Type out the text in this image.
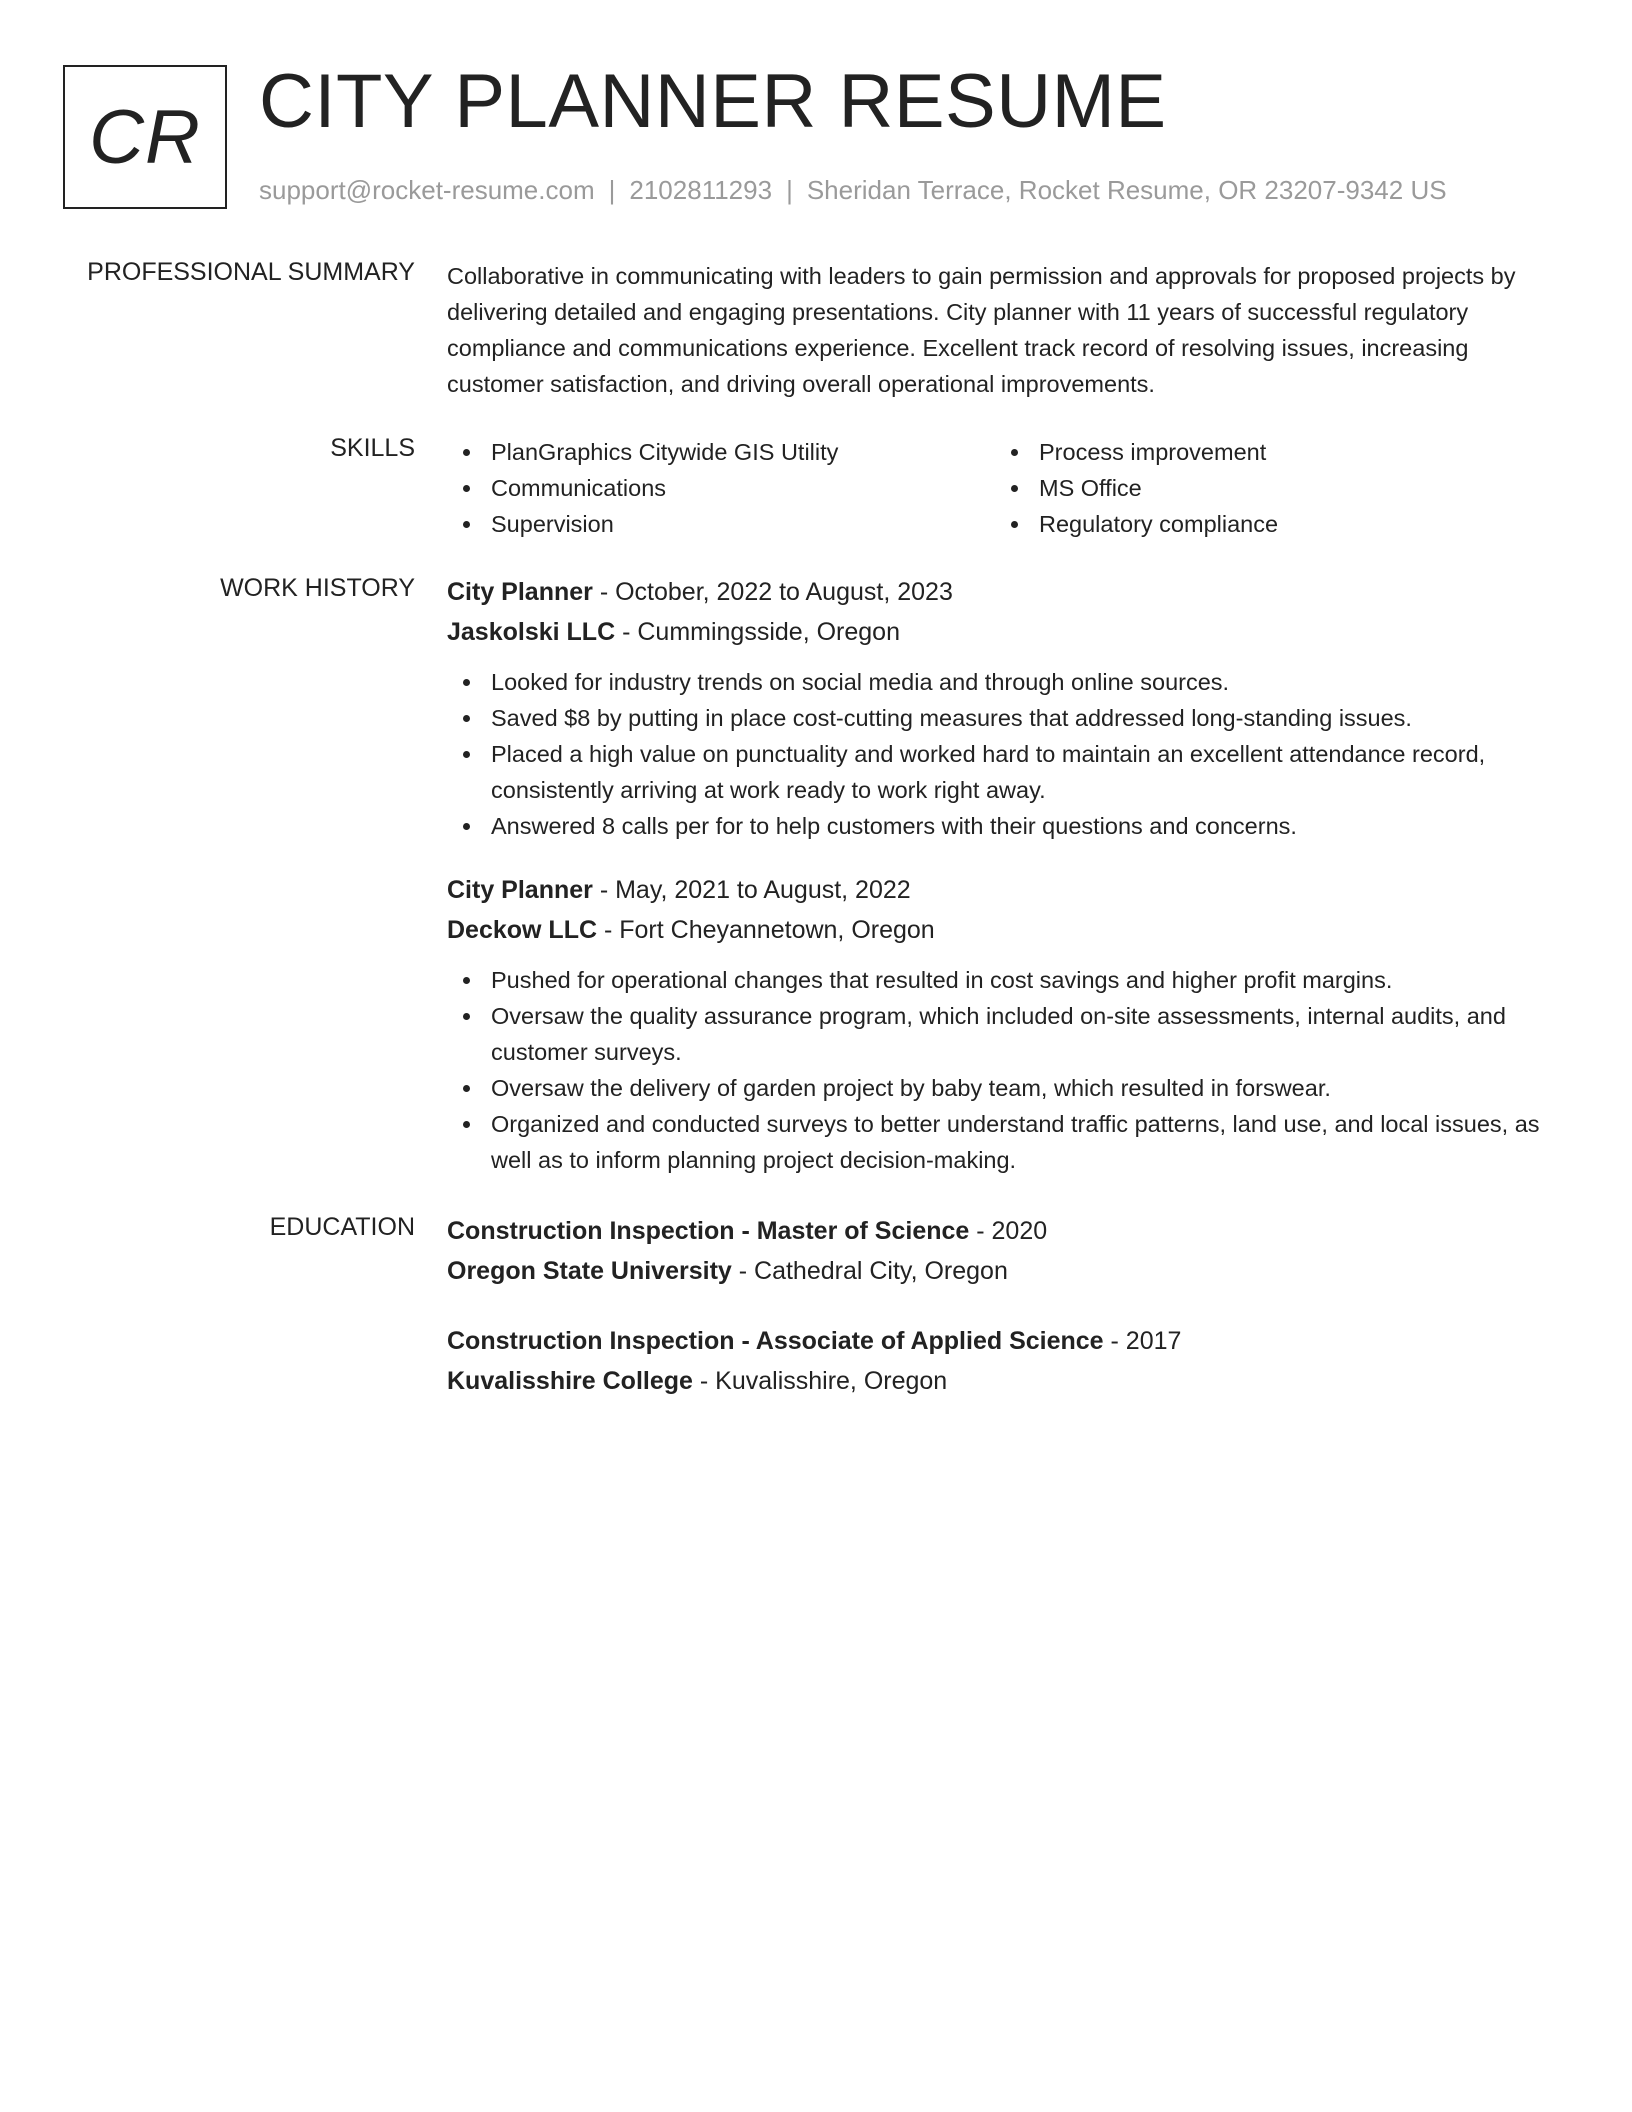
CR CITY PLANNER RESUME
support@rocket-resume.com | 2102811293 | Sheridan Terrace, Rocket Resume, OR 23207-9342 US
PROFESSIONAL SUMMARY Collaborative in communicating with leaders to gain permission and approvals for proposed projects by delivering detailed and engaging presentations. City planner with 11 years of successful regulatory compliance and communications experience. Excellent track record of resolving issues, increasing customer satisfaction, and driving overall operational improvements.
SKILLS	PlanGraphics Citywide GIS Utility
Communications
Supervision
Process improvement
MS Office
Regulatory compliance
WORK HISTORY City Planner - October, 2022 to August, 2023
Jaskolski LLC - Cummingsside, Oregon
Looked for industry trends on social media and through online sources.
Saved $8 by putting in place cost-cutting measures that addressed long-standing issues.
Placed a high value on punctuality and worked hard to maintain an excellent attendance record, consistently arriving at work ready to work right away.
Answered 8 calls per for to help customers with their questions and concerns.
City Planner - May, 2021 to August, 2022
Deckow LLC - Fort Cheyannetown, Oregon
Pushed for operational changes that resulted in cost savings and higher profit margins.
Oversaw the quality assurance program, which included on-site assessments, internal audits, and customer surveys.
Oversaw the delivery of garden project by baby team, which resulted in forswear.
Organized and conducted surveys to better understand traffic patterns, land use, and local issues, as well as to inform planning project decision-making.
EDUCATION Construction Inspection - Master of Science - 2020
Oregon State University - Cathedral City, Oregon
Construction Inspection - Associate of Applied Science - 2017
Kuvalisshire College - Kuvalisshire, Oregon
